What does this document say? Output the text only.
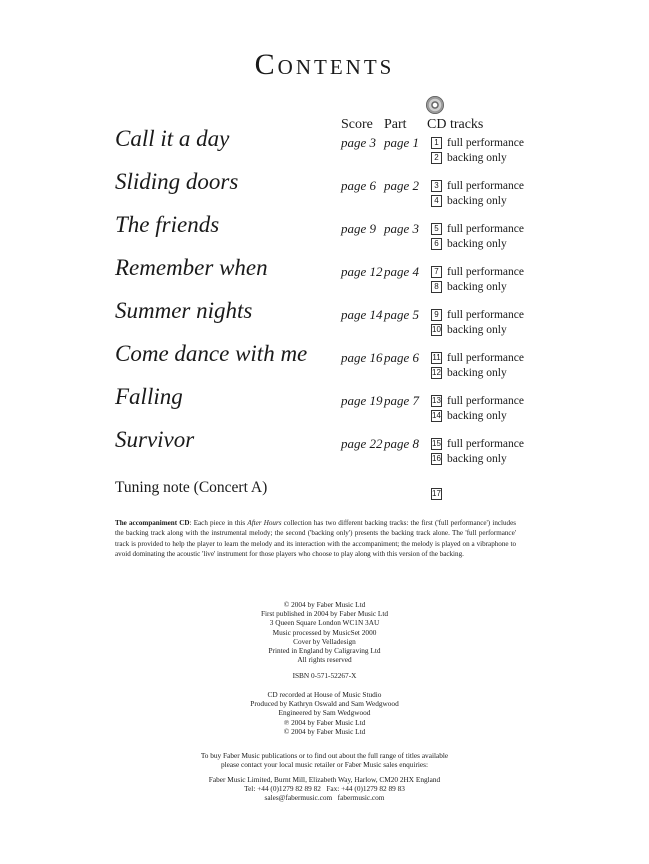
Contents
Score Part CD tracks
Call it a day	page 3 page 1	1 full performance
2 backing only
Sliding doors	page 6 page 2	3 full performance
4 backing only
The friends	page 9 page 3	5 full performance
6 backing only
Remember when	page 12 page 4	7 full performance
8 backing only
Summer nights	page 14 page 5	9 full performance
10 backing only
Come dance with me	page 16 page 6 11 full performance
12 backing only
Falling	page 19 page 7 13 full performance
14 backing only
Survivor	page 22 page 8 15 full performance
16 backing only
Tuning note (Concert A)	17
The accompaniment CD: Each piece in this After Hours collection has two different backing tracks: the first ('full performance') includes the backing track along with the instrumental melody; the second ('backing only') presents the backing track alone. The 'full performance' track is provided to help the player to learn the melody and its interaction with the accompaniment; the melody is played on a vibraphone to avoid dominating the acoustic 'live' instrument for those players who choose to play along with this version of the backing.
© 2004 by Faber Music Ltd
First published in 2004 by Faber Music Ltd
3 Queen Square London WC1N 3AU
Music processed by MusicSet 2000
Cover by Velladesign
Printed in England by Caligraving Ltd
All rights reserved
ISBN 0-571-52267-X
CD recorded at House of Music Studio
Produced by Kathryn Oswald and Sam Wedgwood
Engineered by Sam Wedgwood
℗ 2004 by Faber Music Ltd
© 2004 by Faber Music Ltd
To buy Faber Music publications or to find out about the full range of titles available
please contact your local music retailer or Faber Music sales enquiries:
Faber Music Limited, Burnt Mill, Elizabeth Way, Harlow, CM20 2HX England
Tel: +44 (0)1279 82 89 82   Fax: +44 (0)1279 82 89 83
sales@fabermusic.com   fabermusic.com
